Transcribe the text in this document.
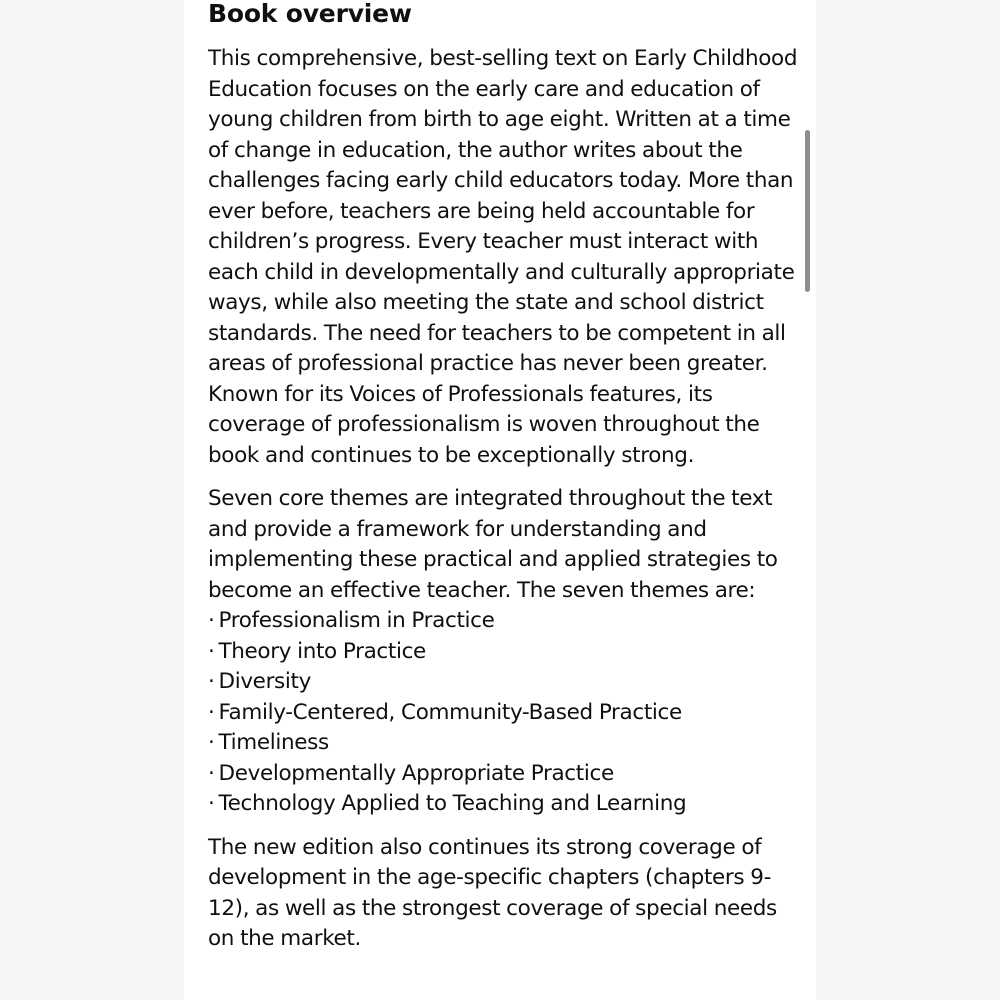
Book overview

This comprehensive, best-selling text on Early Childhood Education focuses on the early care and education of young children from birth to age eight. Written at a time of change in education, the author writes about the challenges facing early child educators today. More than ever before, teachers are being held accountable for children’s progress. Every teacher must interact with each child in developmentally and culturally appropriate ways, while also meeting the state and school district standards. The need for teachers to be competent in all areas of professional practice has never been greater. Known for its Voices of Professionals features, its coverage of professionalism is woven throughout the book and continues to be exceptionally strong.

Seven core themes are integrated throughout the text and provide a framework for understanding and implementing these practical and applied strategies to become an effective teacher. The seven themes are:

· Professionalism in Practice
· Theory into Practice
· Diversity
· Family-Centered, Community-Based Practice
· Timeliness
· Developmentally Appropriate Practice
· Technology Applied to Teaching and Learning

The new edition also continues its strong coverage of development in the age-specific chapters (chapters 9-12), as well as the strongest coverage of special needs on the market.
